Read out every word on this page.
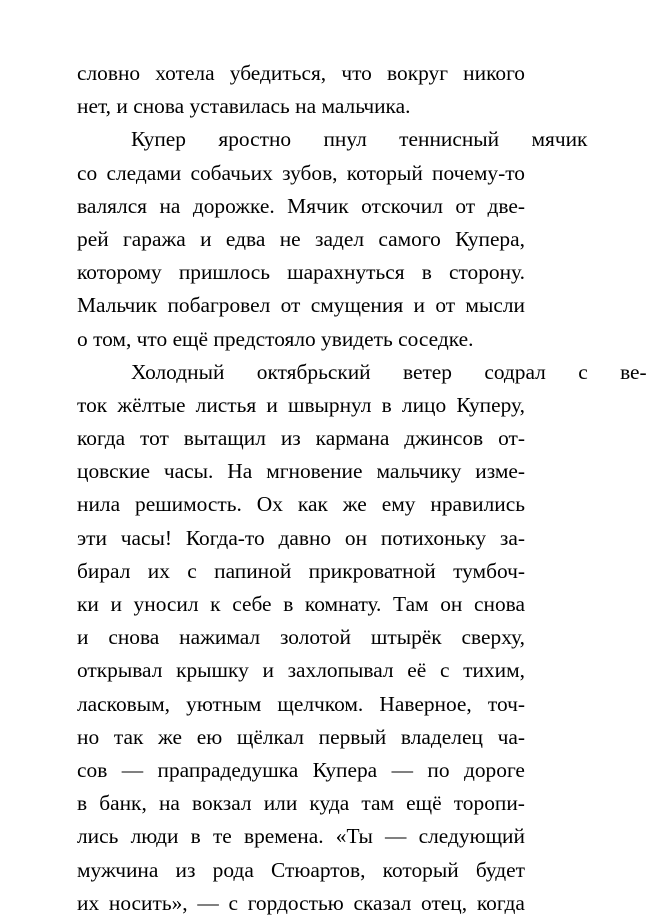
словно хотела убедиться, что вокруг никого
нет, и снова уставилась на мальчика.

Купер яростно пнул теннисный мячик
со следами собачьих зубов, который почему-то
валялся на дорожке. Мячик отскочил от две-
рей гаража и едва не задел самого Купера,
которому пришлось шарахнуться в сторону.
Мальчик побагровел от смущения и от мысли
о том, что ещё предстояло увидеть соседке.

Холодный октябрьский ветер содрал с ве-
ток жёлтые листья и швырнул в лицо Куперу,
когда тот вытащил из кармана джинсов от-
цовские часы. На мгновение мальчику изме-
нила решимость. Ох как же ему нравились
эти часы! Когда-то давно он потихоньку за-
бирал их с папиной прикроватной тумбоч-
ки и уносил к себе в комнату. Там он снова
и снова нажимал золотой штырёк сверху,
открывал крышку и захлопывал её с тихим,
ласковым, уютным щелчком. Наверное, точ-
но так же ею щёлкал первый владелец ча-
сов — прапрадедушка Купера — по дороге
в банк, на вокзал или куда там ещё торопи-
лись люди в те времена. «Ты — следующий
мужчина из рода Стюартов, который будет
их носить», — с гордостью сказал отец, когда
